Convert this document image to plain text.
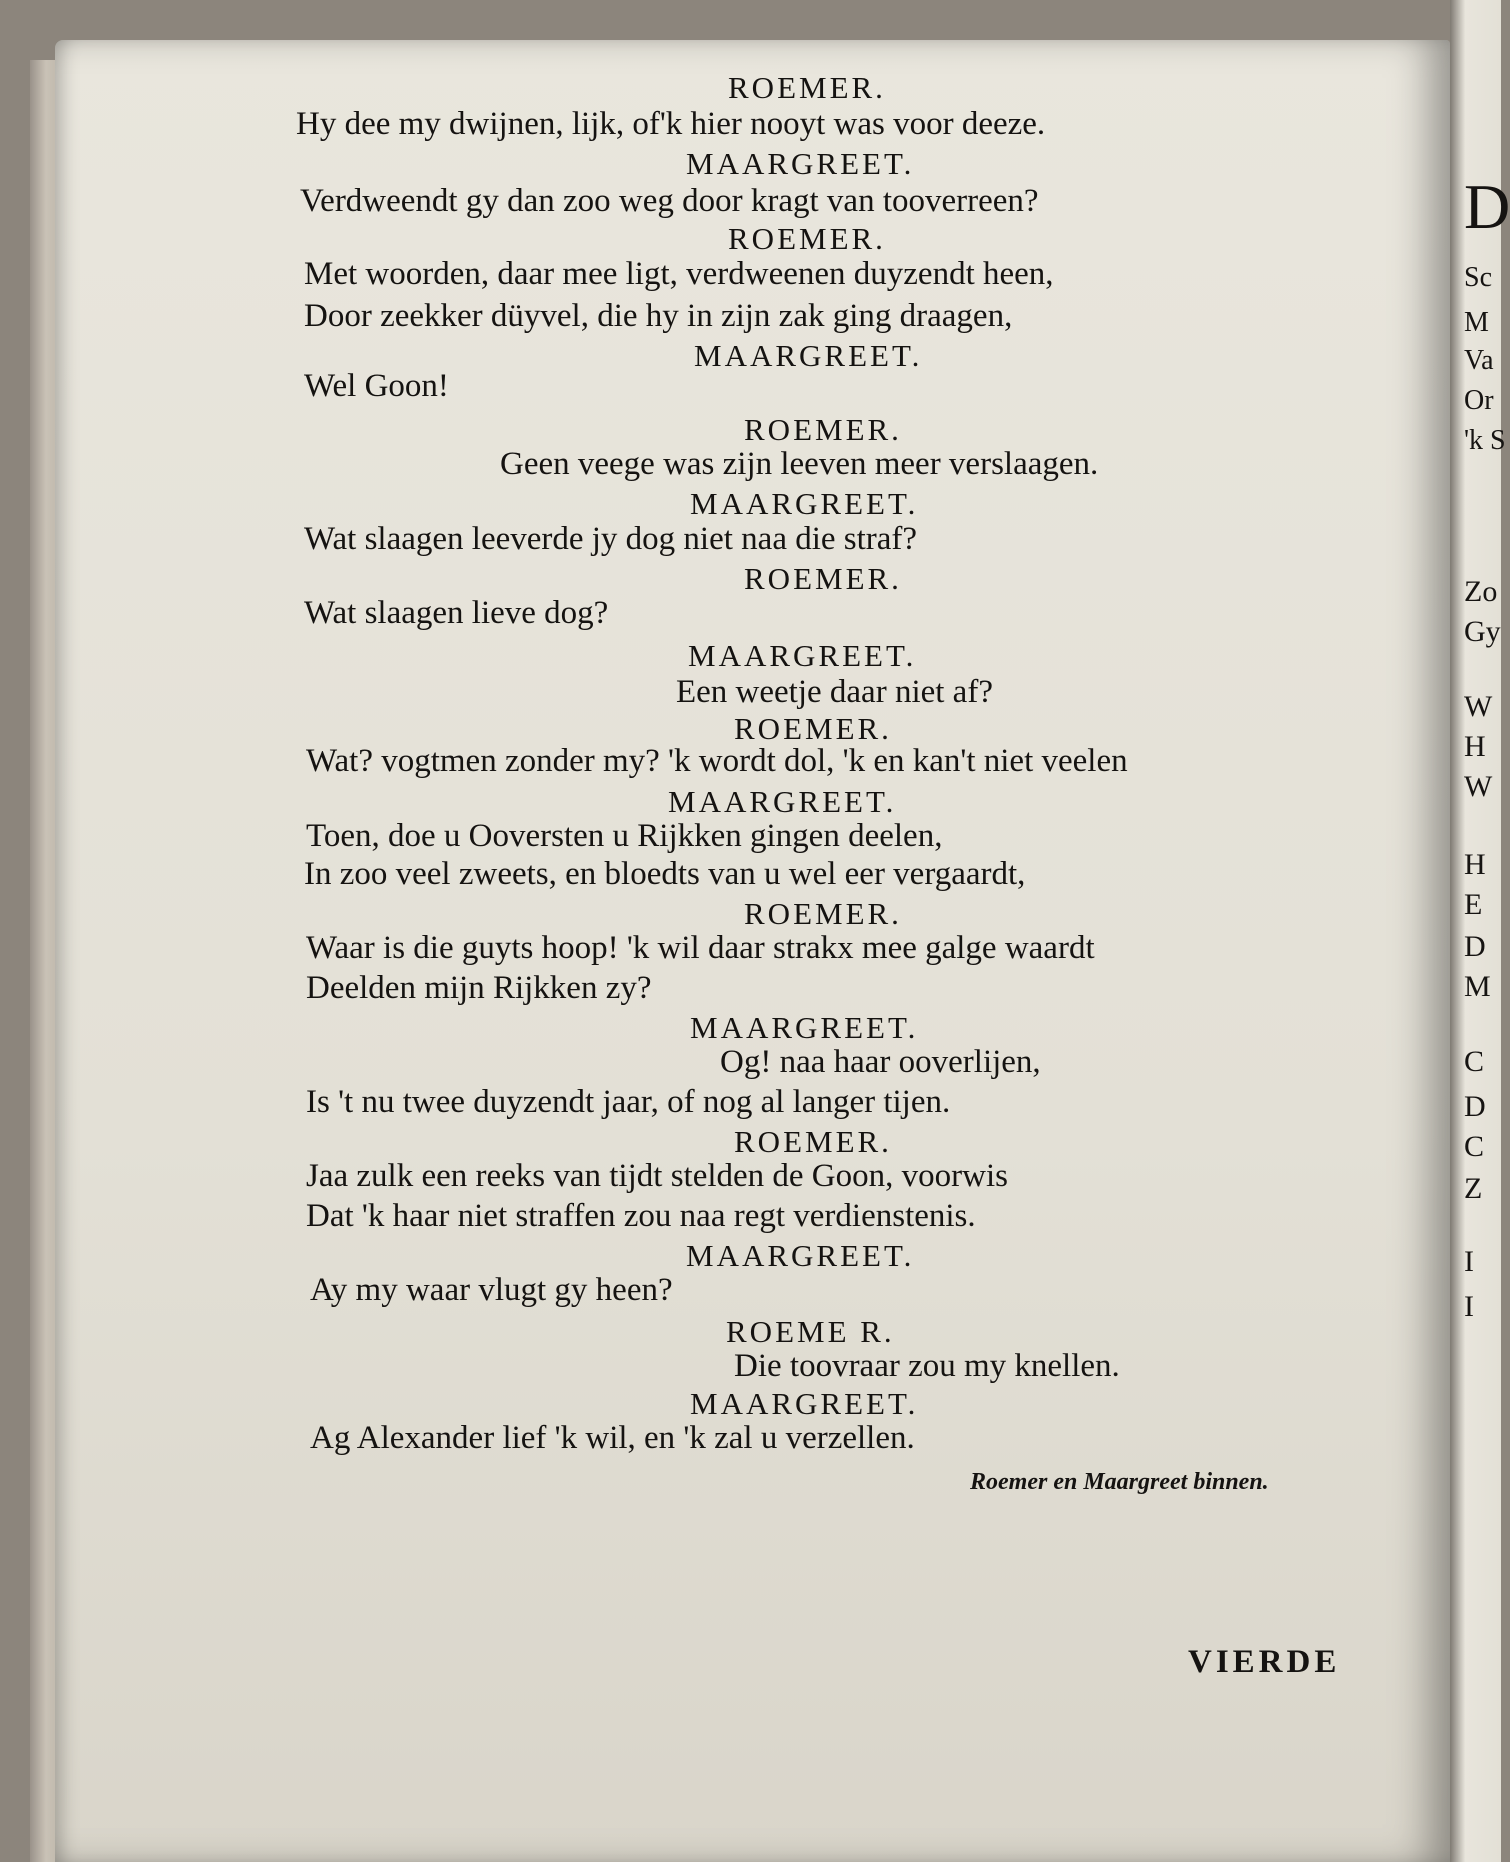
D
Sc
M
Va
Or
'k S
Zo
Gy
W
H
W
H
E
D
M
C
D
C
Z
I
I
ROEMER.
Hy dee my dwijnen, lijk, of'k hier nooyt was voor deeze.
MAARGREET.
Verdweendt gy dan zoo weg door kragt van tooverreen?
ROEMER.
Met woorden, daar mee ligt, verdweenen duyzendt heen,
Door zeekker düyvel, die hy in zijn zak ging draagen,
MAARGREET.
Wel Goon!
ROEMER.
Geen veege was zijn leeven meer verslaagen.
MAARGREET.
Wat slaagen leeverde jy dog niet naa die straf?
ROEMER.
Wat slaagen lieve dog?
MAARGREET.
Een weetje daar niet af?
ROEMER.
Wat? vogtmen zonder my? 'k wordt dol, 'k en kan't niet veelen
MAARGREET.
Toen, doe u Ooversten u Rijkken gingen deelen,
In zoo veel zweets, en bloedts van u wel eer vergaardt,
ROEMER.
Waar is die guyts hoop! 'k wil daar strakx mee galge waardt
Deelden mijn Rijkken zy?
MAARGREET.
Og! naa haar ooverlijen,
Is 't nu twee duyzendt jaar, of nog al langer tijen.
ROEMER.
Jaa zulk een reeks van tijdt stelden de Goon, voorwis
Dat 'k haar niet straffen zou naa regt verdienstenis.
MAARGREET.
Ay my waar vlugt gy heen?
ROEME R.
Die toovraar zou my knellen.
MAARGREET.
Ag Alexander lief 'k wil, en 'k zal u verzellen.
Roemer en Maargreet binnen.
VIERDE
